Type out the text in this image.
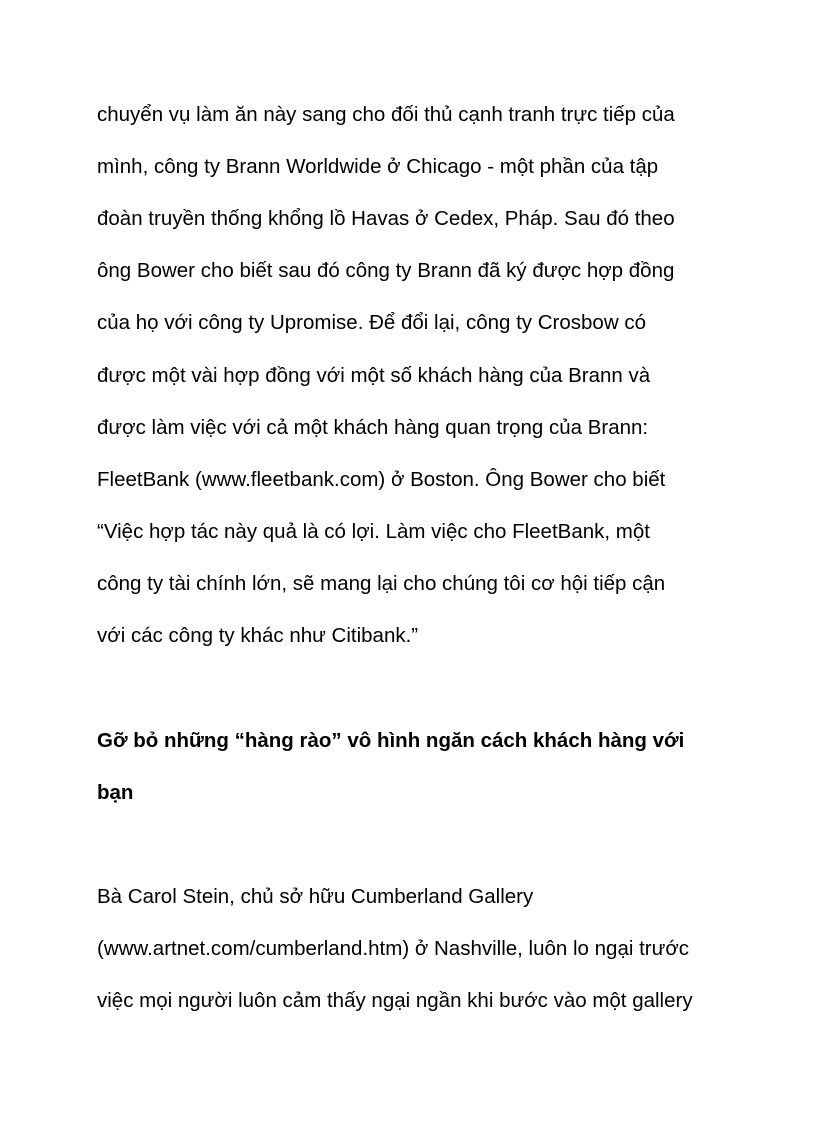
chuyển vụ làm ăn này sang cho đối thủ cạnh tranh trực tiếp của

mình, công ty Brann Worldwide ở Chicago - một phần của tập

đoàn truyền thống khổng lồ Havas ở Cedex, Pháp. Sau đó theo

ông Bower cho biết sau đó công ty Brann đã ký được hợp đồng

của họ với công ty Upromise. Để đổi lại, công ty Crosbow có

được một vài hợp đồng với một số khách hàng của Brann và

được làm việc với cả một khách hàng quan trọng của Brann:

FleetBank (www.fleetbank.com) ở Boston. Ông Bower cho biết

“Việc hợp tác này quả là có lợi. Làm việc cho FleetBank, một

công ty tài chính lớn, sẽ mang lại cho chúng tôi cơ hội tiếp cận

với các công ty khác như Citibank.”

Gỡ bỏ những “hàng rào” vô hình ngăn cách khách hàng với

bạn

Bà Carol Stein, chủ sở hữu Cumberland Gallery

(www.artnet.com/cumberland.htm) ở Nashville, luôn lo ngại trước

việc mọi người luôn cảm thấy ngại ngần khi bước vào một gallery
